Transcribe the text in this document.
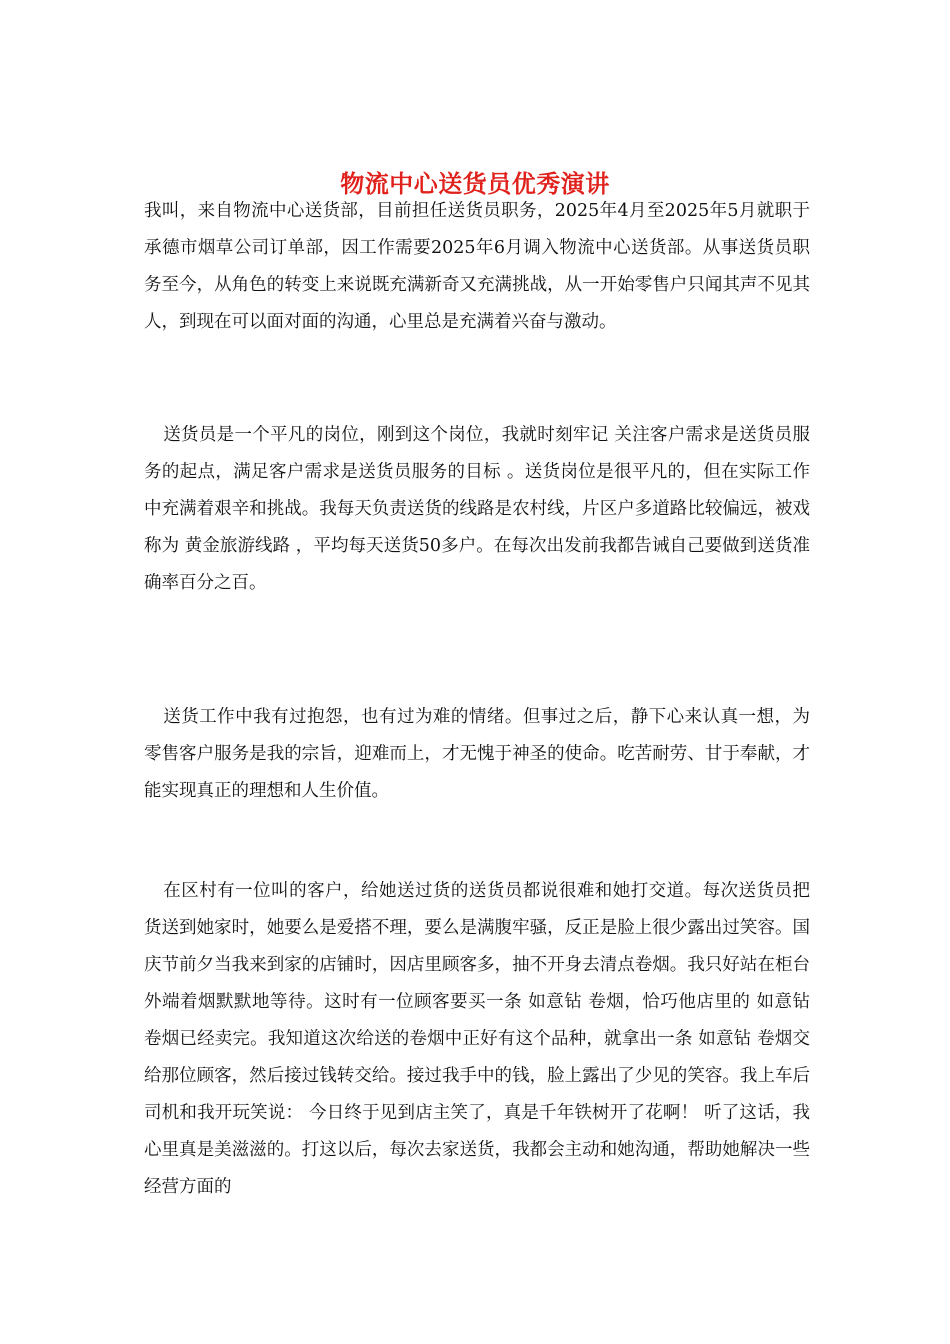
物流中心送货员优秀演讲

我叫，来自物流中心送货部，目前担任送货员职务，2025年4月至2025年5月就职于承德市烟草公司订单部，因工作需要2025年6月调入物流中心送货部。从事送货员职务至今，从角色的转变上来说既充满新奇又充满挑战，从一开始零售户只闻其声不见其人，到现在可以面对面的沟通，心里总是充满着兴奋与激动。

送货员是一个平凡的岗位，刚到这个岗位，我就时刻牢记 关注客户需求是送货员服务的起点，满足客户需求是送货员服务的目标 。送货岗位是很平凡的，但在实际工作中充满着艰辛和挑战。我每天负责送货的线路是农村线，片区户多道路比较偏远，被戏称为 黄金旅游线路 ，平均每天送货50多户。在每次出发前我都告诫自己要做到送货准确率百分之百。

送货工作中我有过抱怨，也有过为难的情绪。但事过之后，静下心来认真一想，为零售客户服务是我的宗旨，迎难而上，才无愧于神圣的使命。吃苦耐劳、甘于奉献，才能实现真正的理想和人生价值。

在区村有一位叫的客户，给她送过货的送货员都说很难和她打交道。每次送货员把货送到她家时，她要么是爱搭不理，要么是满腹牢骚，反正是脸上很少露出过笑容。国庆节前夕当我来到家的店铺时，因店里顾客多，抽不开身去清点卷烟。我只好站在柜台外端着烟默默地等待。这时有一位顾客要买一条 如意钻 卷烟，恰巧他店里的 如意钻 卷烟已经卖完。我知道这次给送的卷烟中正好有这个品种，就拿出一条 如意钻 卷烟交给那位顾客，然后接过钱转交给。接过我手中的钱，脸上露出了少见的笑容。我上车后司机和我开玩笑说： 今日终于见到店主笑了，真是千年铁树开了花啊！ 听了这话，我心里真是美滋滋的。打这以后，每次去家送货，我都会主动和她沟通，帮助她解决一些经营方面的
